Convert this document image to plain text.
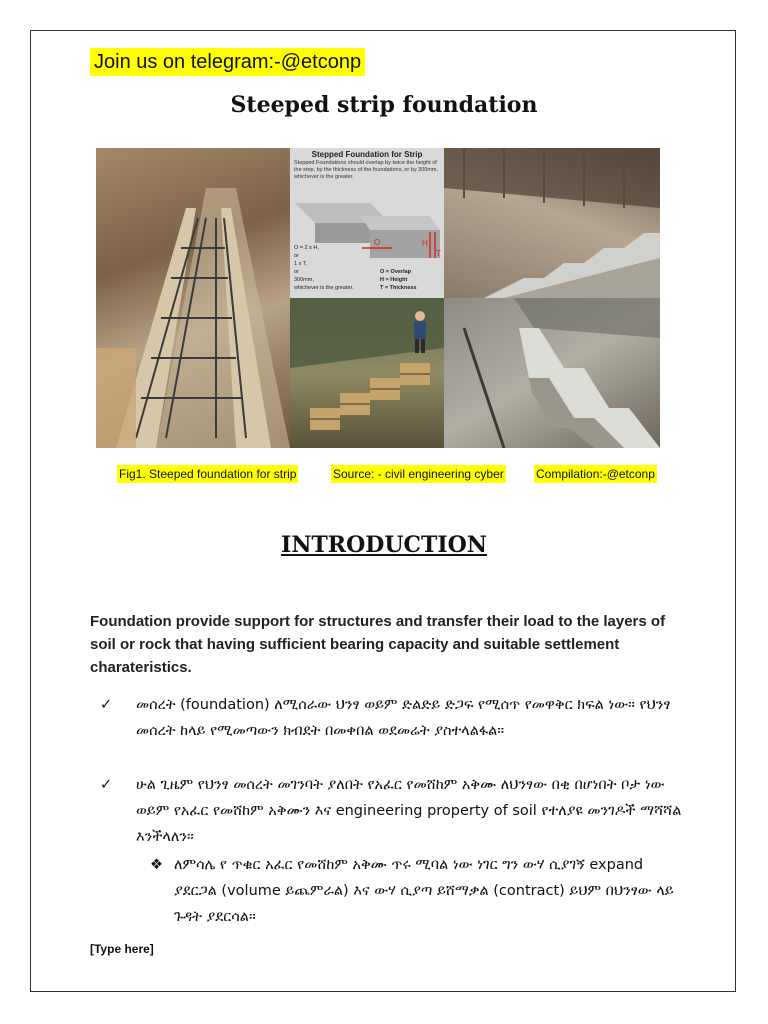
Join us on telegram:-@etconp
Steeped strip foundation
Stepped Foundation for Strip
Stepped Foundations should overlap by twice the height of the step, by the thickness of the foundations, or by 300mm, whichever is the greater.
O	H
T
O = 2 x H,
or
1 x T,
or
300mm,
whichever is the greater.
O = Overlap
H = Height
T = Thickness
Fig1. Steeped foundation for strip	Source: - civil engineering cyber	Compilation:-@etconp
INTRODUCTION
Foundation provide support for structures and transfer their load to the layers of soil or rock that having sufficient bearing capacity and suitable settlement charateristics.
✓	መሰረት (foundation) ለሚሰራው ህንፃ ወይም ድልድይ ድጋፍ የሚሰጥ የመዋቅር ክፍል ነው። የህንፃ መሰረት ከላይ የሚመጣውን ክብደት በመቀበል ወደመሬት ያስተላልፋል።
✓	ሁል ጊዜም የህንፃ መሰረት መገንባት ያለበት የአፈር የመሸከም አቅሙ ለህንፃው በቂ በሆነበት ቦታ ነው ወይም የአፈር የመሸከም አቅሙን እና engineering property of soil የተለያዩ መንገዶች ማሻሻል እንችላለን።
❖ ለምሳሌ የ ጥቁር አፈር የመሸከም አቅሙ ጥሩ ሚባል ነው ነገር ግን ውሃ ሲያገኝ expand ያደርጋል (volume ይጨምራል) እና ውሃ ሲያጣ ይሸማቃል (contract) ይህም በህንፃው ላይ ጉዳት ያደርሳል።
[Type here]
